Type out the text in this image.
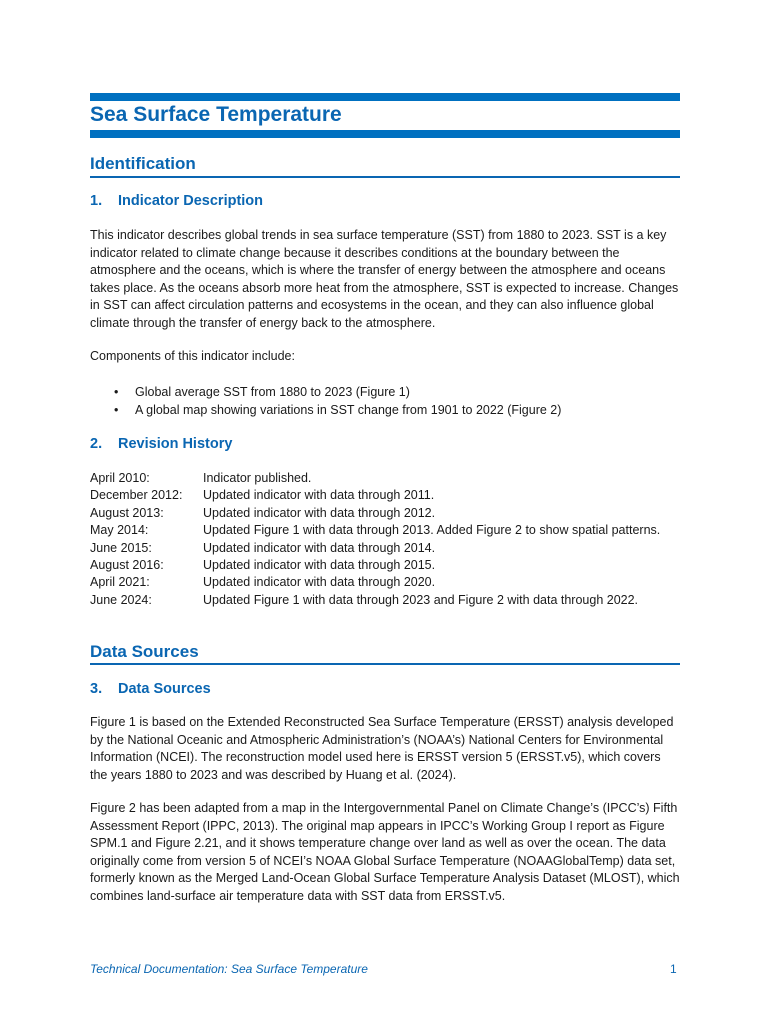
Sea Surface Temperature
Identification
1. Indicator Description
This indicator describes global trends in sea surface temperature (SST) from 1880 to 2023. SST is a key indicator related to climate change because it describes conditions at the boundary between the atmosphere and the oceans, which is where the transfer of energy between the atmosphere and oceans takes place. As the oceans absorb more heat from the atmosphere, SST is expected to increase. Changes in SST can affect circulation patterns and ecosystems in the ocean, and they can also influence global climate through the transfer of energy back to the atmosphere.
Components of this indicator include:
• Global average SST from 1880 to 2023 (Figure 1)
• A global map showing variations in SST change from 1901 to 2022 (Figure 2)
2. Revision History
April 2010:	Indicator published.
December 2012:	Updated indicator with data through 2011.
August 2013:	Updated indicator with data through 2012.
May 2014:	Updated Figure 1 with data through 2013. Added Figure 2 to show spatial patterns.
June 2015:	Updated indicator with data through 2014.
August 2016:	Updated indicator with data through 2015.
April 2021:	Updated indicator with data through 2020.
June 2024:	Updated Figure 1 with data through 2023 and Figure 2 with data through 2022.
Data Sources
3. Data Sources
Figure 1 is based on the Extended Reconstructed Sea Surface Temperature (ERSST) analysis developed by the National Oceanic and Atmospheric Administration’s (NOAA’s) National Centers for Environmental Information (NCEI). The reconstruction model used here is ERSST version 5 (ERSST.v5), which covers the years 1880 to 2023 and was described by Huang et al. (2024).
Figure 2 has been adapted from a map in the Intergovernmental Panel on Climate Change’s (IPCC’s) Fifth Assessment Report (IPPC, 2013). The original map appears in IPCC’s Working Group I report as Figure SPM.1 and Figure 2.21, and it shows temperature change over land as well as over the ocean. The data originally come from version 5 of NCEI’s NOAA Global Surface Temperature (NOAAGlobalTemp) data set, formerly known as the Merged Land-Ocean Global Surface Temperature Analysis Dataset (MLOST), which combines land-surface air temperature data with SST data from ERSST.v5.
Technical Documentation: Sea Surface Temperature	1
